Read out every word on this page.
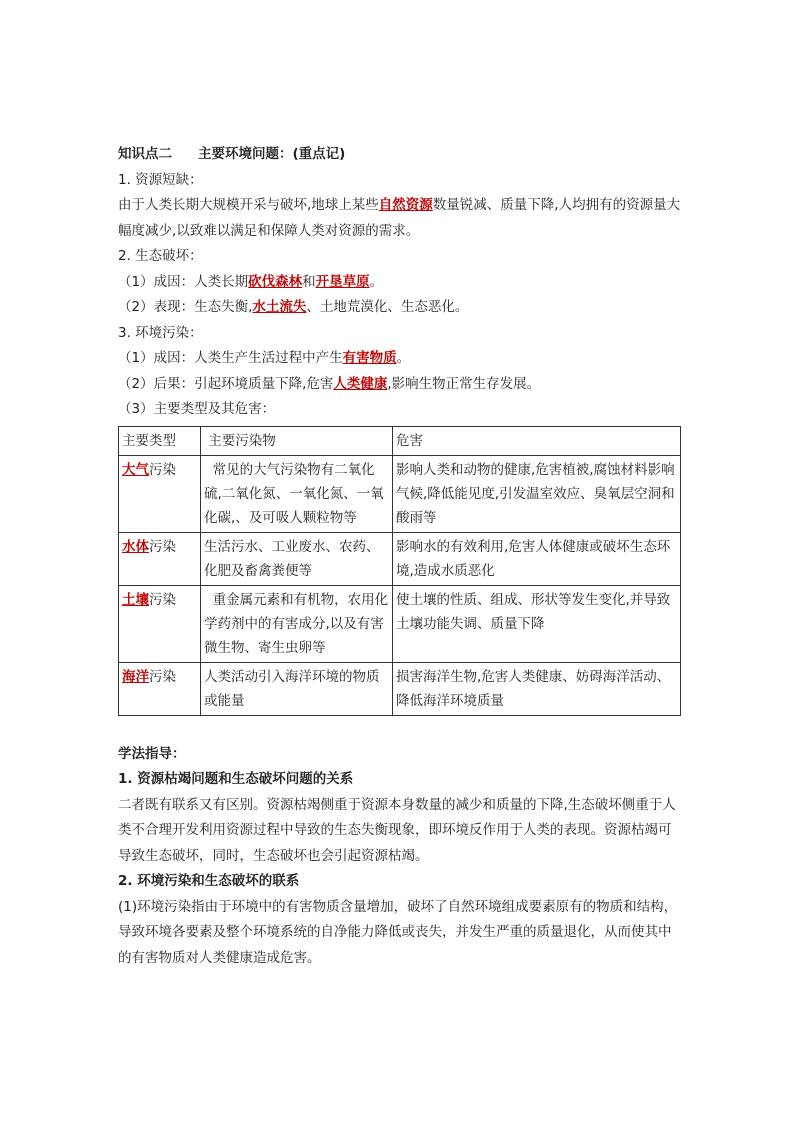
知识点二 主要环境问题：(重点记)
1. 资源短缺：
由于人类长期大规模开采与破坏,地球上某些自然资源数量锐减、质量下降,人均拥有的资源量大幅度减少,以致难以满足和保障人类对资源的需求。
2. 生态破坏：
（1）成因：人类长期砍伐森林和开垦草原。
（2）表现：生态失衡,水土流失、土地荒漠化、生态恶化。
3. 环境污染：
（1）成因：人类生产生活过程中产生有害物质。
（2）后果：引起环境质量下降,危害人类健康,影响生物正常生存发展。
（3）主要类型及其危害：
主要类型	主要污染物	危害
大气污染	常见的大气污染物有二氧化硫,二氧化氮、一氧化氮、一氧化碳,、及可吸人颗粒物等	影响人类和动物的健康,危害植被,腐蚀材料影响气候,降低能见度,引发温室效应、臭氧层空洞和酸雨等
水体污染	生活污水、工业废水、农药、化肥及畜禽粪便等	影响水的有效利用,危害人体健康或破坏生态环境,造成水质恶化
土壤污染	重金属元素和有机物，农用化学药剂中的有害成分,以及有害微生物、寄生虫卵等	使土壤的性质、组成、形状等发生变化,并导致土壤功能失调、质量下降
海洋污染	人类活动引入海洋环境的物质或能量	损害海洋生物,危害人类健康、妨碍海洋活动、降低海洋环境质量
学法指导：
1. 资源枯竭问题和生态破坏问题的关系
二者既有联系又有区别。资源枯竭侧重于资源本身数量的减少和质量的下降,生态破坏侧重于人类不合理开发利用资源过程中导致的生态失衡现象，即环境反作用于人类的表现。资源枯竭可导致生态破坏，同时，生态破坏也会引起资源枯竭。
2. 环境污染和生态破坏的联系
(1)环境污染指由于环境中的有害物质含量增加，破坏了自然环境组成要素原有的物质和结构，导致环境各要素及整个环境系统的自净能力降低或丧失，并发生严重的质量退化，从而使其中的有害物质对人类健康造成危害。
